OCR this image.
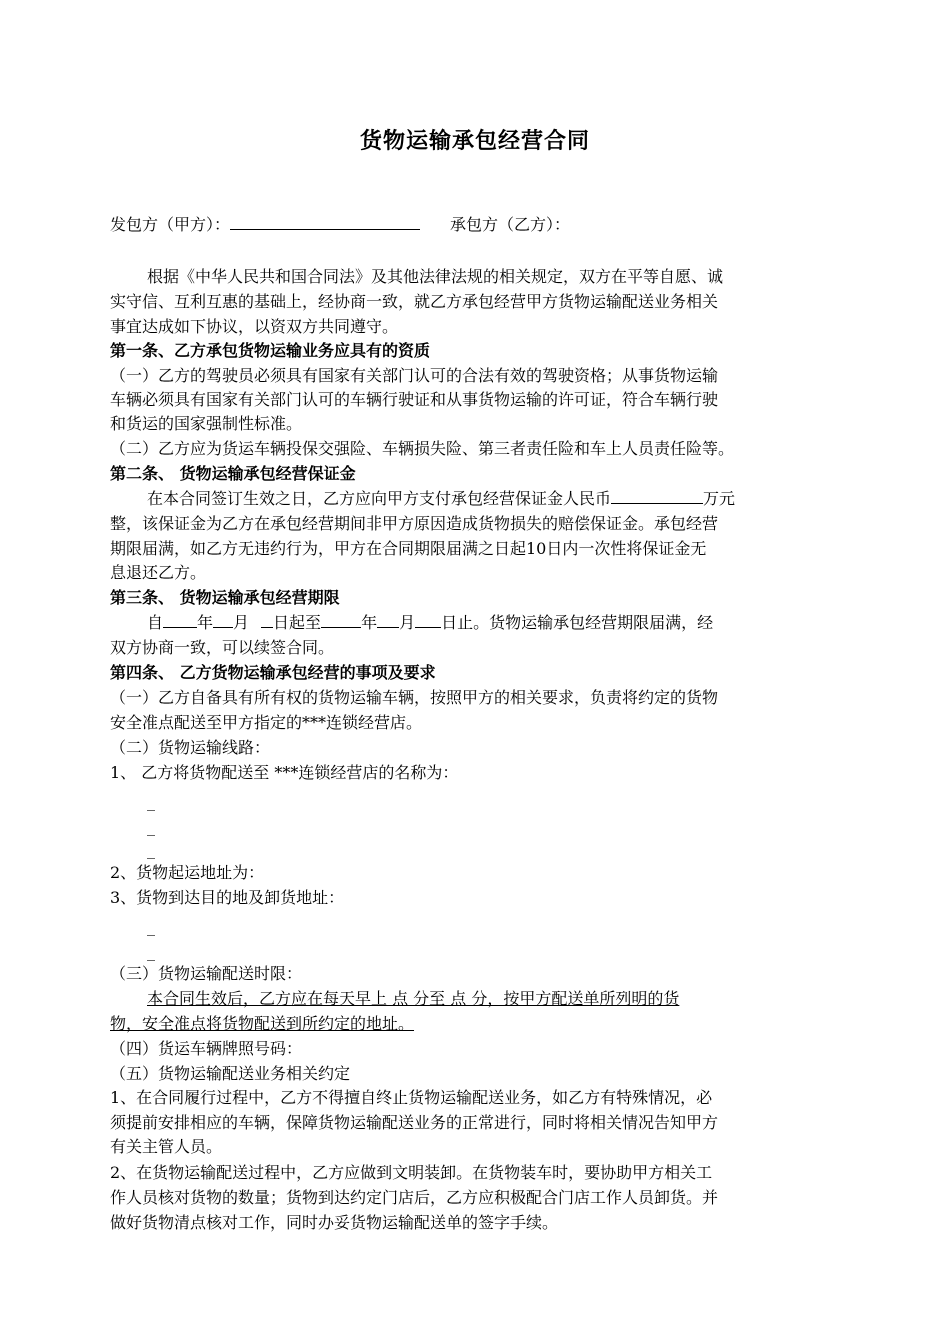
货物运输承包经营合同
发包方（甲方）：	承包方（乙方）：
根据《中华人民共和国合同法》及其他法律法规的相关规定，双方在平等自愿、诚
实守信、互利互惠的基础上，经协商一致，就乙方承包经营甲方货物运输配送业务相关
事宜达成如下协议，以资双方共同遵守。
第一条、乙方承包货物运输业务应具有的资质
（一）乙方的驾驶员必须具有国家有关部门认可的合法有效的驾驶资格；从事货物运输
车辆必须具有国家有关部门认可的车辆行驶证和从事货物运输的许可证，符合车辆行驶
和货运的国家强制性标准。
（二）乙方应为货运车辆投保交强险、车辆损失险、第三者责任险和车上人员责任险等。
第二条、 货物运输承包经营保证金
在本合同签订生效之日，乙方应向甲方支付承包经营保证金人民币	万元
整，该保证金为乙方在承包经营期间非甲方原因造成货物损失的赔偿保证金。承包经营
期限届满，如乙方无违约行为，甲方在合同期限届满之日起10日内一次性将保证金无
息退还乙方。
第三条、 货物运输承包经营期限
自 年 月 日起至	年 月 日止。货物运输承包经营期限届满，经
双方协商一致，可以续签合同。
第四条、 乙方货物运输承包经营的事项及要求
（一）乙方自备具有所有权的货物运输车辆，按照甲方的相关要求，负责将约定的货物
安全准点配送至甲方指定的***连锁经营店。
（二）货物运输线路：
1、 乙方将货物配送至 ***连锁经营店的名称为：
_
_
_
2、货物起运地址为：
3、货物到达目的地及卸货地址：
_
_
（三）货物运输配送时限：
本合同生效后，乙方应在每天早上 点 分至 点 分，按甲方配送单所列明的货
物，安全准点将货物配送到所约定的地址。
（四）货运车辆牌照号码：
（五）货物运输配送业务相关约定
1、在合同履行过程中，乙方不得擅自终止货物运输配送业务，如乙方有特殊情况，必
须提前安排相应的车辆，保障货物运输配送业务的正常进行，同时将相关情况告知甲方
有关主管人员。
2、在货物运输配送过程中，乙方应做到文明装卸。在货物装车时，要协助甲方相关工
作人员核对货物的数量；货物到达约定门店后，乙方应积极配合门店工作人员卸货。并
做好货物清点核对工作，同时办妥货物运输配送单的签字手续。
